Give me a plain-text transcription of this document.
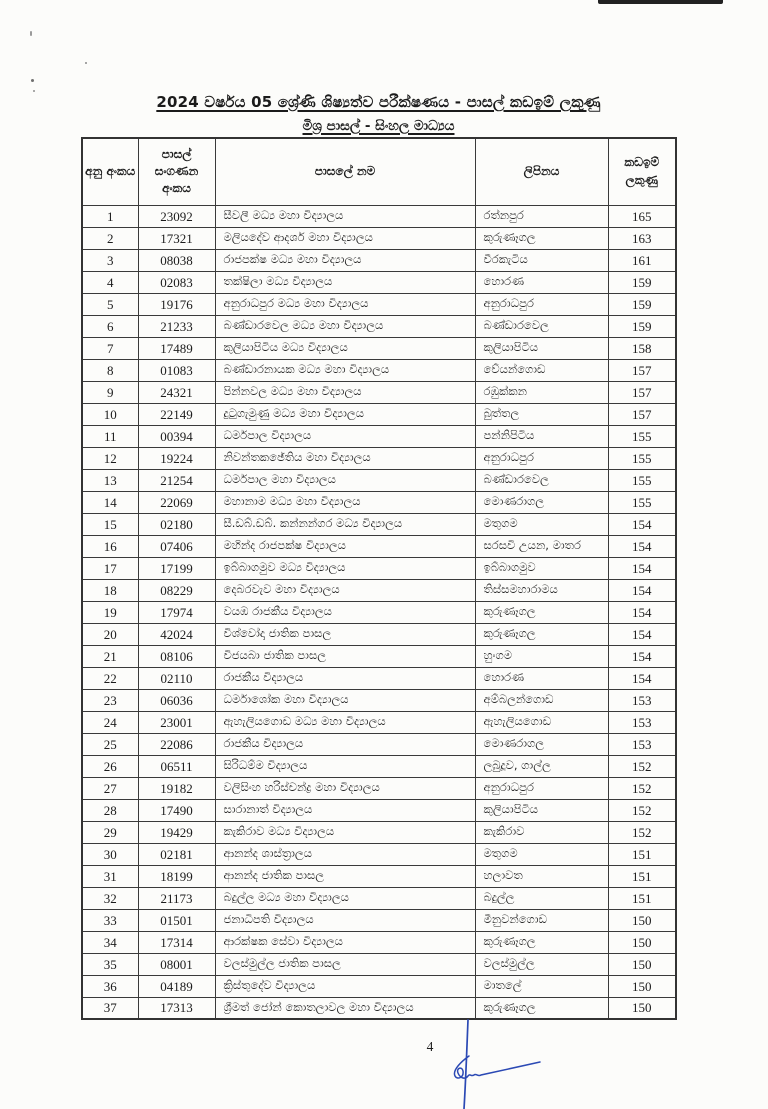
2024 වර්ෂය 05 ශ්‍රේණි ශිෂ්‍යත්ව පරීක්ෂණය - පාසල් කඩඉම් ලකුණු
මිශ්‍ර පාසල් - සිංහල මාධ්‍යය
අනු අංකය	පාසල් සංගණන අංකය	පාසලේ නම	ලිපිනය	කඩඉම් ලකුණු
1	23092	සීවලී මධ්‍ය මහා විද්‍යාලය	රත්නපුර	165
2	17321	මලියදේව ආදර්ශ මහා විද්‍යාලය	කුරුණෑගල	163
3	08038	රාජපක්ෂ මධ්‍ය මහා විද්‍යාලය	වීරකැටිය	161
4	02083	තක්ෂිලා මධ්‍ය විද්‍යාලය	හොරණ	159
5	19176	අනුරාධපුර මධ්‍ය මහා විද්‍යාලය	අනුරාධපුර	159
6	21233	බණ්ඩාරවෙල මධ්‍ය මහා විද්‍යාලය	බණ්ඩාරවෙල	159
7	17489	කුලියාපිටිය මධ්‍ය විද්‍යාලය	කුලියාපිටිය	158
8	01083	බණ්ඩාරනායක මධ්‍ය මහා විද්‍යාලය	වේයන්ගොඩ	157
9	24321	පින්නවල මධ්‍ය මහා විද්‍යාලය	රඹුක්කන	157
10	22149	දුටුගැමුණු මධ්‍ය මහා විද්‍යාලය	බුත්තල	157
11	00394	ධර්මපාල විද්‍යාලය	පන්නිපිටිය	155
12	19224	නිවන්තකඡේතිය මහා විද්‍යාලය	අනුරාධපුර	155
13	21254	ධර්මපාල මහා විද්‍යාලය	බණ්ඩාරවෙල	155
14	22069	මහානාම මධ්‍ය මහා විද්‍යාලය	මොණරාගල	155
15	02180	සී.ඩබ්.ඩබ්. කන්නන්ගර මධ්‍ය විද්‍යාලය	මතුගම	154
16	07406	මහින්ද රාජපක්ෂ විද්‍යාලය	සරසවි උයන, මාතර	154
17	17199	ඉබ්බාගමුව මධ්‍ය විද්‍යාලය	ඉබ්බාගමුව	154
18	08229	දෙබරවැව මහා විද්‍යාලය	තිස්සමහාරාමය	154
19	17974	වයඹ රාජකීය විද්‍යාලය	කුරුණෑගල	154
20	42024	විශ්වෝදා ජාතික පාසල	කුරුණෑගල	154
21	08106	විජයබා ජාතික පාසල	හුංගම	154
22	02110	රාජකීය විද්‍යාලය	හොරණ	154
23	06036	ධර්මාශෝක මහා විද්‍යාලය	අම්බලන්ගොඩ	153
24	23001	ඇහැලියගොඩ මධ්‍ය මහා විද්‍යාලය	ඇහැලියගොඩ	153
25	22086	රාජකීය විද්‍යාලය	මොණරාගල	153
26	06511	සිරිධම්ම විද්‍යාලය	ලබුදූව, ගාල්ල	152
27	19182	වලිසිංහ හරිස්චන්ද්‍ර මහා විද්‍යාලය	අනුරාධපුර	152
28	17490	සාරානාත් විද්‍යාලය	කුලියාපිටිය	152
29	19429	කැකිරාව මධ්‍ය විද්‍යාලය	කැකිරාව	152
30	02181	ආනන්ද ශාස්ත්‍රාලය	මතුගම	151
31	18199	ආනන්ද ජාතික පාසල	හලාවත	151
32	21173	බදුල්ල මධ්‍ය මහා විද්‍යාලය	බදුල්ල	151
33	01501	ජනාධිපති විද්‍යාලය	මීනුවන්ගොඩ	150
34	17314	ආරක්ෂක සේවා විද්‍යාලය	කුරුණෑගල	150
35	08001	වලස්මුල්ල ජාතික පාසල	වලස්මුල්ල	150
36	04189	ක්‍රිස්තුදේව විද්‍යාලය	මාතලේ	150
37	17313	ශ්‍රීමත් ජෝන් කොතලාවල මහා විද්‍යාලය	කුරුණෑගල	150
4
